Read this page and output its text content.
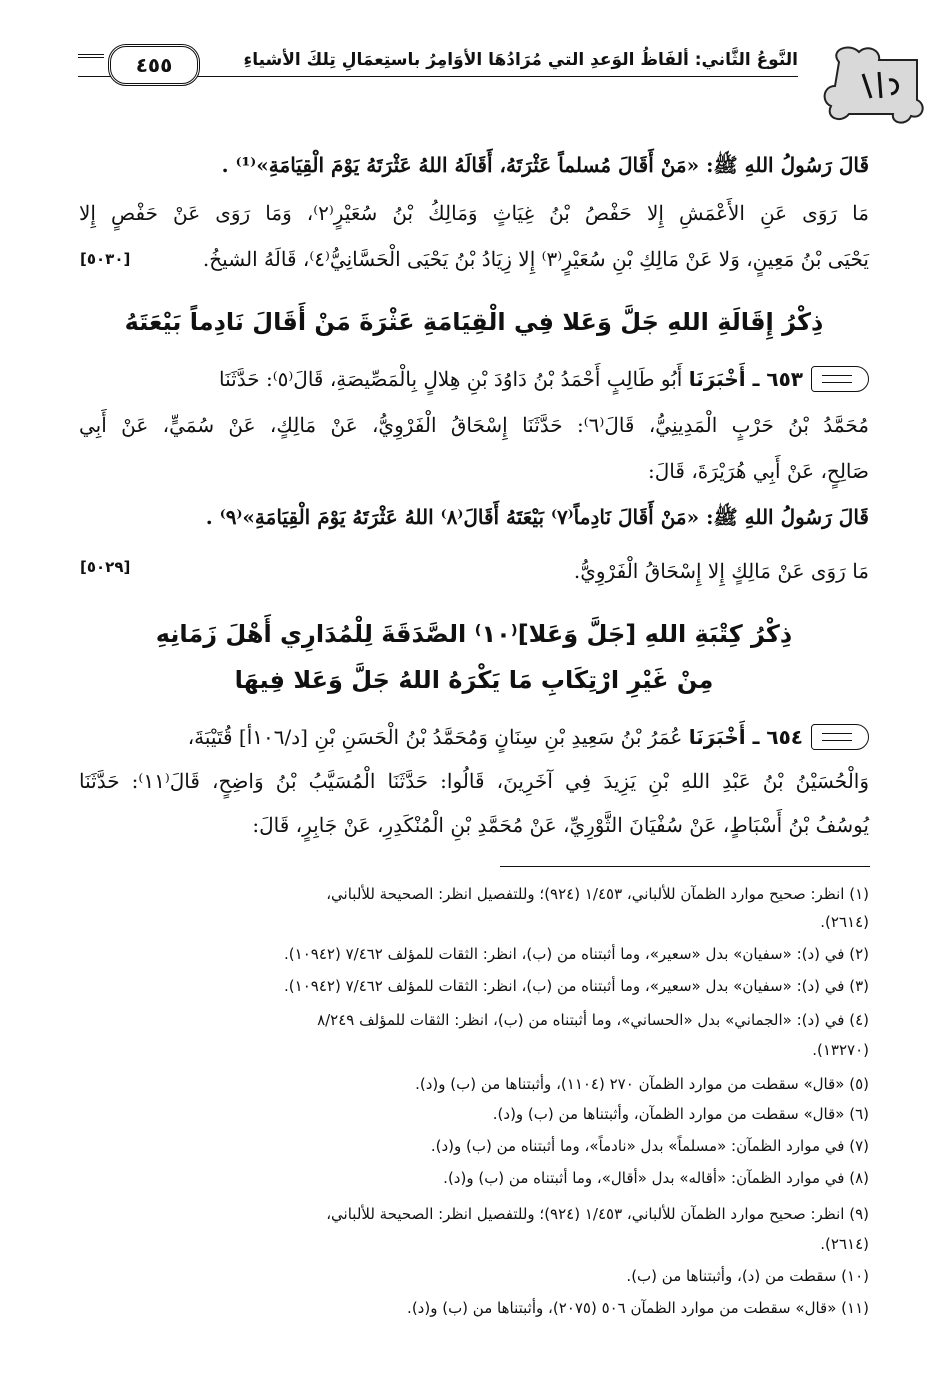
النَّوعُ الثَّاني: ألفَاظُ الوَعدِ التي مُرَادُهَا الأوَامِرُ باستِعمَالِ تِلكَ الأشياءِ
٤٥٥
قَالَ رَسُولُ اللهِ ﷺ: «مَنْ أَقَالَ مُسلماً عَثْرَتَهُ، أَقَالَهُ اللهُ عَثْرَتَهُ يَوْمَ الْقِيَامَةِ»⁽¹⁾ .
مَا رَوَى عَنِ الأَعْمَشِ إِلا حَفْصُ بْنُ غِيَاثٍ وَمَالِكُ بْنُ سُعَيْرٍ⁽٢⁾، وَمَا رَوَى عَنْ حَفْصٍ إِلا
يَحْيَى بْنُ مَعِينٍ، وَلا عَنْ مَالِكِ بْنِ سُعَيْرٍ⁽٣⁾ إِلا زِيَادُ بْنُ يَحْيَى الْحَسَّانِيُّ⁽٤⁾، قَالَهُ الشيخُ.
[٥٠٣٠]
ذِكْرُ إِقَالَةِ اللهِ جَلَّ وَعَلا فِي الْقِيَامَةِ عَثْرَةَ مَنْ أَقَالَ نَادِماً بَيْعَتَهُ
٦٥٣ ـ أَخْبَرَنَا أَبُو طَالِبٍ أَحْمَدُ بْنُ دَاوُدَ بْنِ هِلالٍ بِالْمَصِّيصَةِ، قَالَ⁽٥⁾: حَدَّثَنَا
مُحَمَّدُ بْنُ حَرْبٍ الْمَدِينِيُّ، قَالَ⁽٦⁾: حَدَّثَنَا إِسْحَاقُ الْفَرْوِيُّ، عَنْ مَالِكٍ، عَنْ سُمَيٍّ، عَنْ أَبِي
صَالِحٍ، عَنْ أَبِي هُرَيْرَةَ، قَالَ:
قَالَ رَسُولُ اللهِ ﷺ: «مَنْ أَقَالَ نَادِماً⁽٧⁾ بَيْعَتَهُ أَقَالَ⁽٨⁾ اللهُ عَثْرَتَهُ يَوْمَ الْقِيَامَةِ»⁽٩⁾ .
مَا رَوَى عَنْ مَالِكٍ إِلا إِسْحَاقُ الْفَرْوِيُّ.
[٥٠٢٩]
ذِكْرُ كِتْبَةِ اللهِ [جَلَّ وَعَلا]⁽١٠⁾ الصَّدَقَةَ لِلْمُدَارِي أَهْلَ زَمَانِهِ
مِنْ غَيْرِ ارْتِكَابِ مَا يَكْرَهُ اللهُ جَلَّ وَعَلا فِيهَا
٦٥٤ ـ أَخْبَرَنَا عُمَرُ بْنُ سَعِيدِ بْنِ سِنَانٍ وَمُحَمَّدُ بْنُ الْحَسَنِ بْنِ [د/١٠٦أ] قُتَيْبَةَ،
وَالْحُسَيْنُ بْنُ عَبْدِ اللهِ بْنِ يَزِيدَ فِي آخَرِينَ، قَالُوا: حَدَّثَنَا الْمُسَيَّبُ بْنُ وَاضِحٍ، قَالَ⁽١١⁾: حَدَّثَنَا
يُوسُفُ بْنُ أَسْبَاطٍ، عَنْ سُفْيَانَ الثَّوْرِيِّ، عَنْ مُحَمَّدِ بْنِ الْمُنْكَدِرِ، عَنْ جَابِرٍ، قَالَ:
(١) انظر: صحيح موارد الظمآن للألباني، ١/٤٥٣ (٩٢٤)؛ وللتفصيل انظر: الصحيحة للألباني،
(٢٦١٤).
(٢) في (د): «سفيان» بدل «سعير»، وما أثبتناه من (ب)، انظر: الثقات للمؤلف ٧/٤٦٢ (١٠٩٤٢).
(٣) في (د): «سفيان» بدل «سعير»، وما أثبتناه من (ب)، انظر: الثقات للمؤلف ٧/٤٦٢ (١٠٩٤٢).
(٤) في (د): «الجماني» بدل «الحساني»، وما أثبتناه من (ب)، انظر: الثقات للمؤلف ٨/٢٤٩
(١٣٢٧٠).
(٥) «قال» سقطت من موارد الظمآن ٢٧٠ (١١٠٤)، وأثبتناها من (ب) و(د).
(٦) «قال» سقطت من موارد الظمآن، وأثبتناها من (ب) و(د).
(٧) في موارد الظمآن: «مسلماً» بدل «نادماً»، وما أثبتناه من (ب) و(د).
(٨) في موارد الظمآن: «أقاله» بدل «أقال»، وما أثبتناه من (ب) و(د).
(٩) انظر: صحيح موارد الظمآن للألباني، ١/٤٥٣ (٩٢٤)؛ وللتفصيل انظر: الصحيحة للألباني،
(٢٦١٤).
(١٠) سقطت من (د)، وأثبتناها من (ب).
(١١) «قال» سقطت من موارد الظمآن ٥٠٦ (٢٠٧٥)، وأثبتناها من (ب) و(د).
